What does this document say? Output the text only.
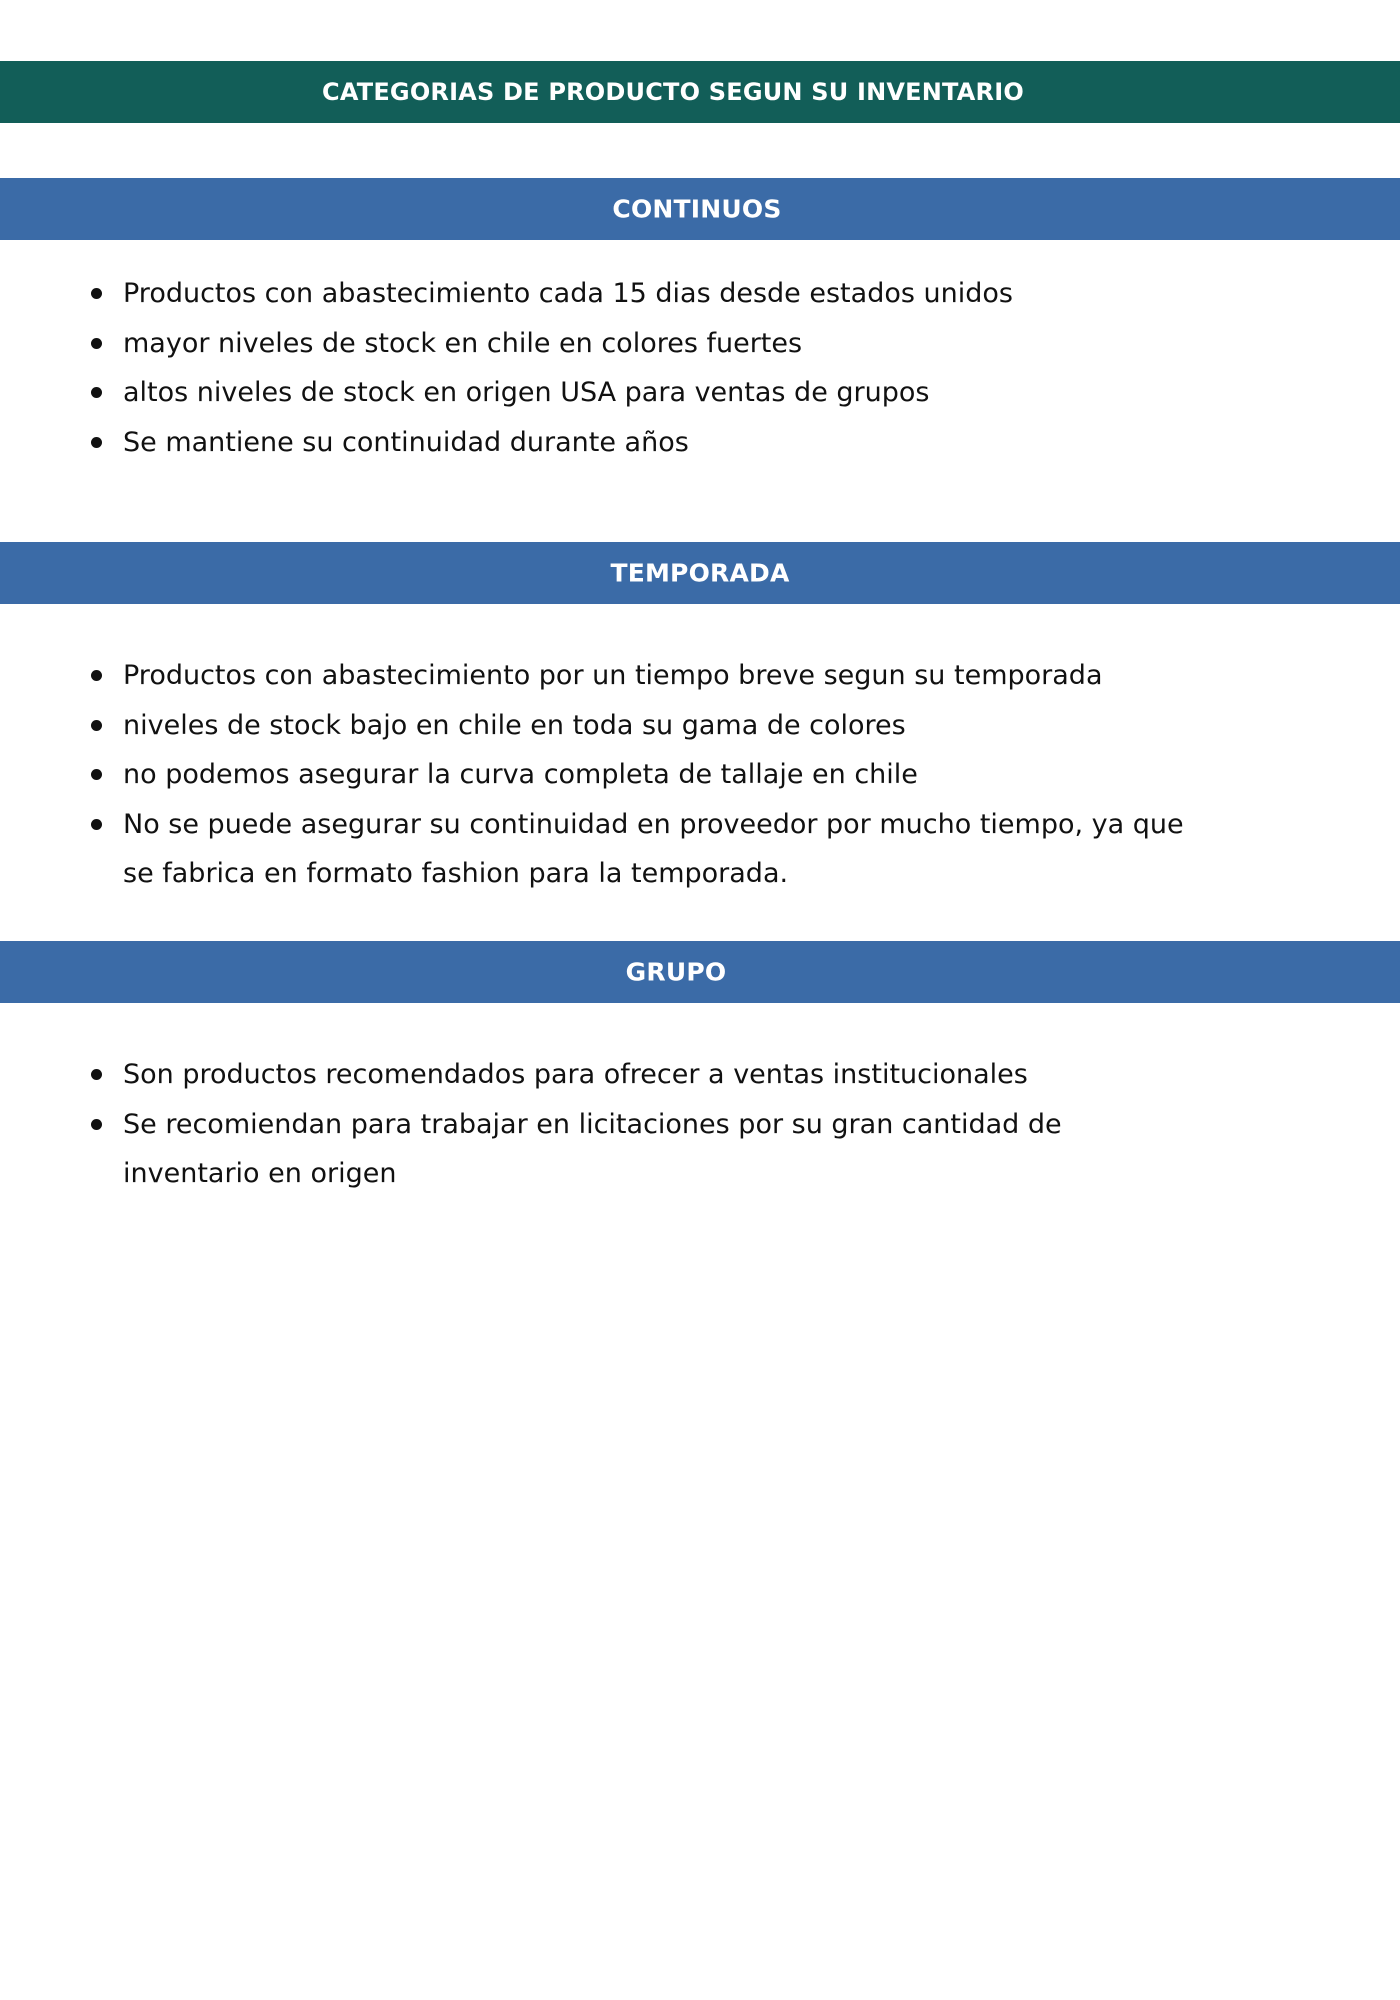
CATEGORIAS DE PRODUCTO SEGUN SU INVENTARIO
CONTINUOS
Productos con abastecimiento cada 15 dias desde estados unidos
mayor niveles de stock en chile en colores fuertes
altos niveles de stock en origen USA para ventas de grupos
Se mantiene su continuidad durante años
TEMPORADA
Productos con abastecimiento por un tiempo breve segun su temporada
niveles de stock bajo en chile en toda su gama de colores
no podemos asegurar la curva completa de tallaje en chile
No se puede asegurar su continuidad en proveedor por mucho tiempo, ya que se fabrica en formato fashion para la temporada.
GRUPO
Son productos recomendados para ofrecer a ventas institucionales
Se recomiendan para trabajar en licitaciones por su gran cantidad de inventario en origen
